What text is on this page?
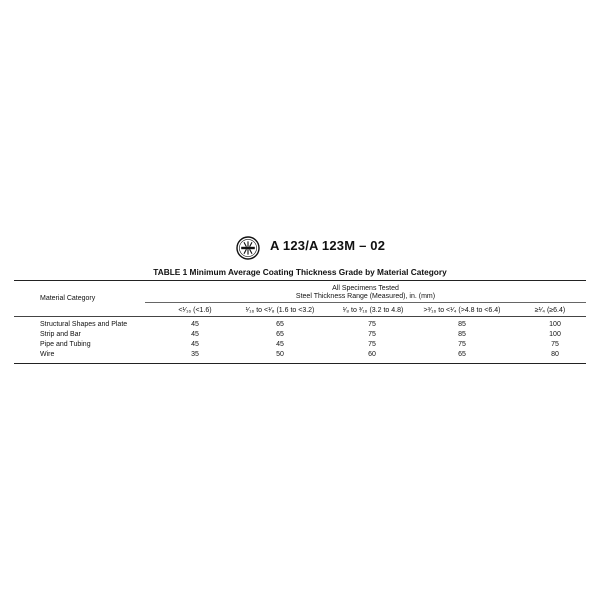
A 123/A 123M – 02
TABLE 1 Minimum Average Coating Thickness Grade by Material Category
All Specimens Tested
Steel Thickness Range (Measured), in. (mm)
Material Category
<¹⁄₁₆ (<1.6)	¹⁄₁₆ to <¹⁄₈ (1.6 to <3.2)	¹⁄₈ to ³⁄₁₆ (3.2 to 4.8)	>³⁄₁₆ to <¹⁄₄ (>4.8 to <6.4)	≥¹⁄₄ (≥6.4)
Structural Shapes and Plate	45	65	75	85	100
Strip and Bar	45	65	75	85	100
Pipe and Tubing	45	45	75	75	75
Wire	35	50	60	65	80
